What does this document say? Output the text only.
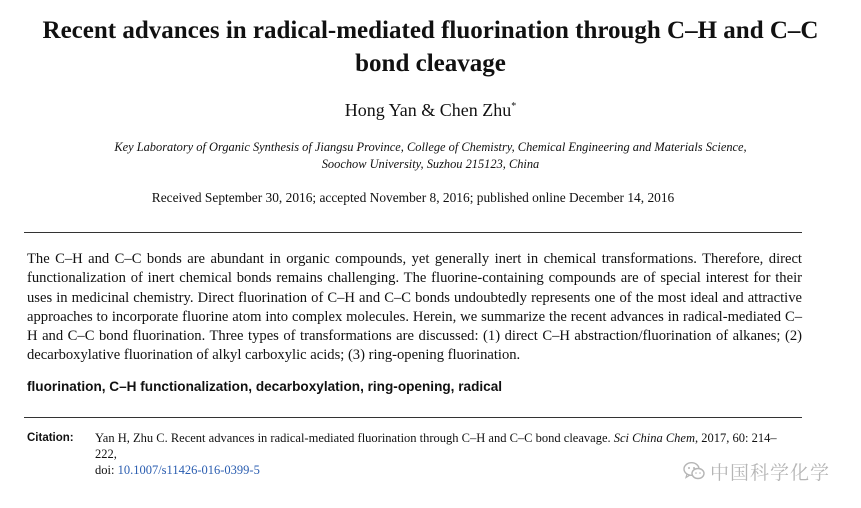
Recent advances in radical-mediated fluorination through C–H and C–C bond cleavage
Hong Yan & Chen Zhu*
Key Laboratory of Organic Synthesis of Jiangsu Province, College of Chemistry, Chemical Engineering and Materials Science,
Soochow University, Suzhou 215123, China
Received September 30, 2016; accepted November 8, 2016; published online December 14, 2016

The C–H and C–C bonds are abundant in organic compounds, yet generally inert in chemical transformations. Therefore, direct functionalization of inert chemical bonds remains challenging. The fluorine-containing compounds are of special interest for their uses in medicinal chemistry. Direct fluorination of C–H and C–C bonds undoubtedly represents one of the most ideal and attractive approaches to incorporate fluorine atom into complex molecules. Herein, we summarize the recent advances in radical-mediated C–H and C–C bond fluorination. Three types of transformations are discussed: (1) direct C–H abstraction/fluorination of alkanes; (2) decarboxylative fluorination of alkyl carboxylic acids; (3) ring-opening fluorination.

fluorination, C–H functionalization, decarboxylation, ring-opening, radical
Citation: Yan H, Zhu C. Recent advances in radical-mediated fluorination through C–H and C–C bond cleavage. Sci China Chem, 2017, 60: 214–222,
doi: 10.1007/s11426-016-0399-5	中国科学化学
